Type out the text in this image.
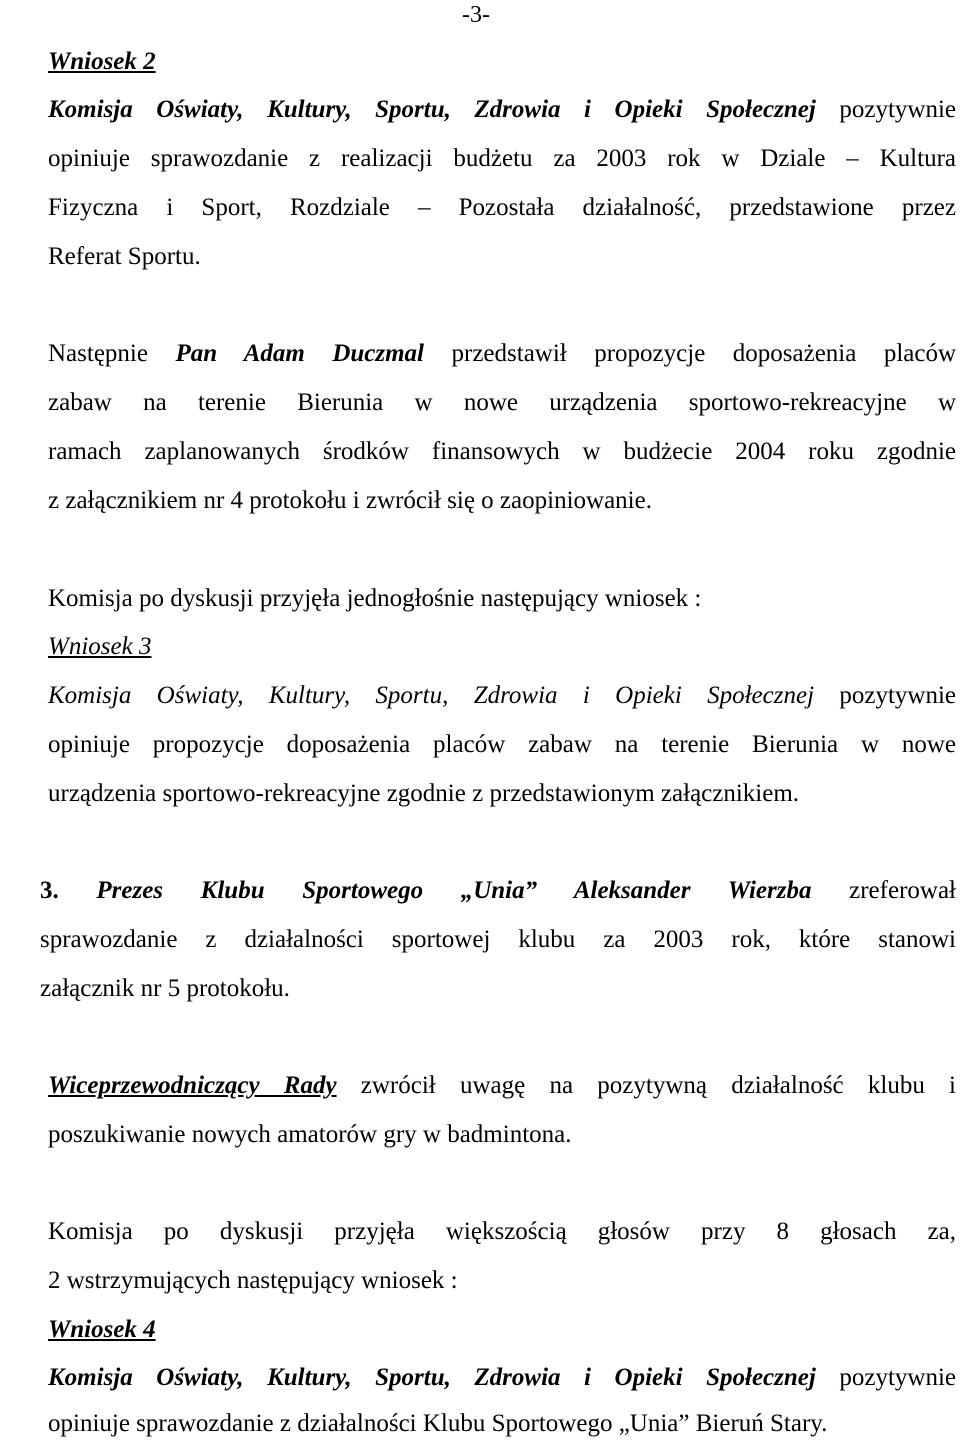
-3-
Wniosek 2
Komisja Oświaty, Kultury, Sportu, Zdrowia i Opieki Społecznej pozytywnie
opiniuje sprawozdanie z realizacji budżetu za 2003 rok w Dziale – Kultura
Fizyczna i Sport, Rozdziale – Pozostała działalność, przedstawione przez
Referat Sportu.
Następnie Pan Adam Duczmal przedstawił propozycje doposażenia placów
zabaw na terenie Bierunia w nowe urządzenia sportowo-rekreacyjne w
ramach zaplanowanych środków finansowych w budżecie 2004 roku zgodnie
z załącznikiem nr 4 protokołu i zwrócił się o zaopiniowanie.
Komisja po dyskusji przyjęła jednogłośnie następujący wniosek :
Wniosek 3
Komisja Oświaty, Kultury, Sportu, Zdrowia i Opieki Społecznej pozytywnie
opiniuje propozycje doposażenia placów zabaw na terenie Bierunia w nowe
urządzenia sportowo-rekreacyjne zgodnie z przedstawionym załącznikiem.
3. Prezes Klubu Sportowego „Unia” Aleksander Wierzba zreferował
sprawozdanie z działalności sportowej klubu za 2003 rok, które stanowi
załącznik nr 5 protokołu.
Wiceprzewodniczący Rady zwrócił uwagę na pozytywną działalność klubu i
poszukiwanie nowych amatorów gry w badmintona.
Komisja po dyskusji przyjęła większością głosów przy 8 głosach za,
2 wstrzymujących następujący wniosek :
Wniosek 4
Komisja Oświaty, Kultury, Sportu, Zdrowia i Opieki Społecznej pozytywnie
opiniuje sprawozdanie z działalności Klubu Sportowego „Unia” Bieruń Stary.
